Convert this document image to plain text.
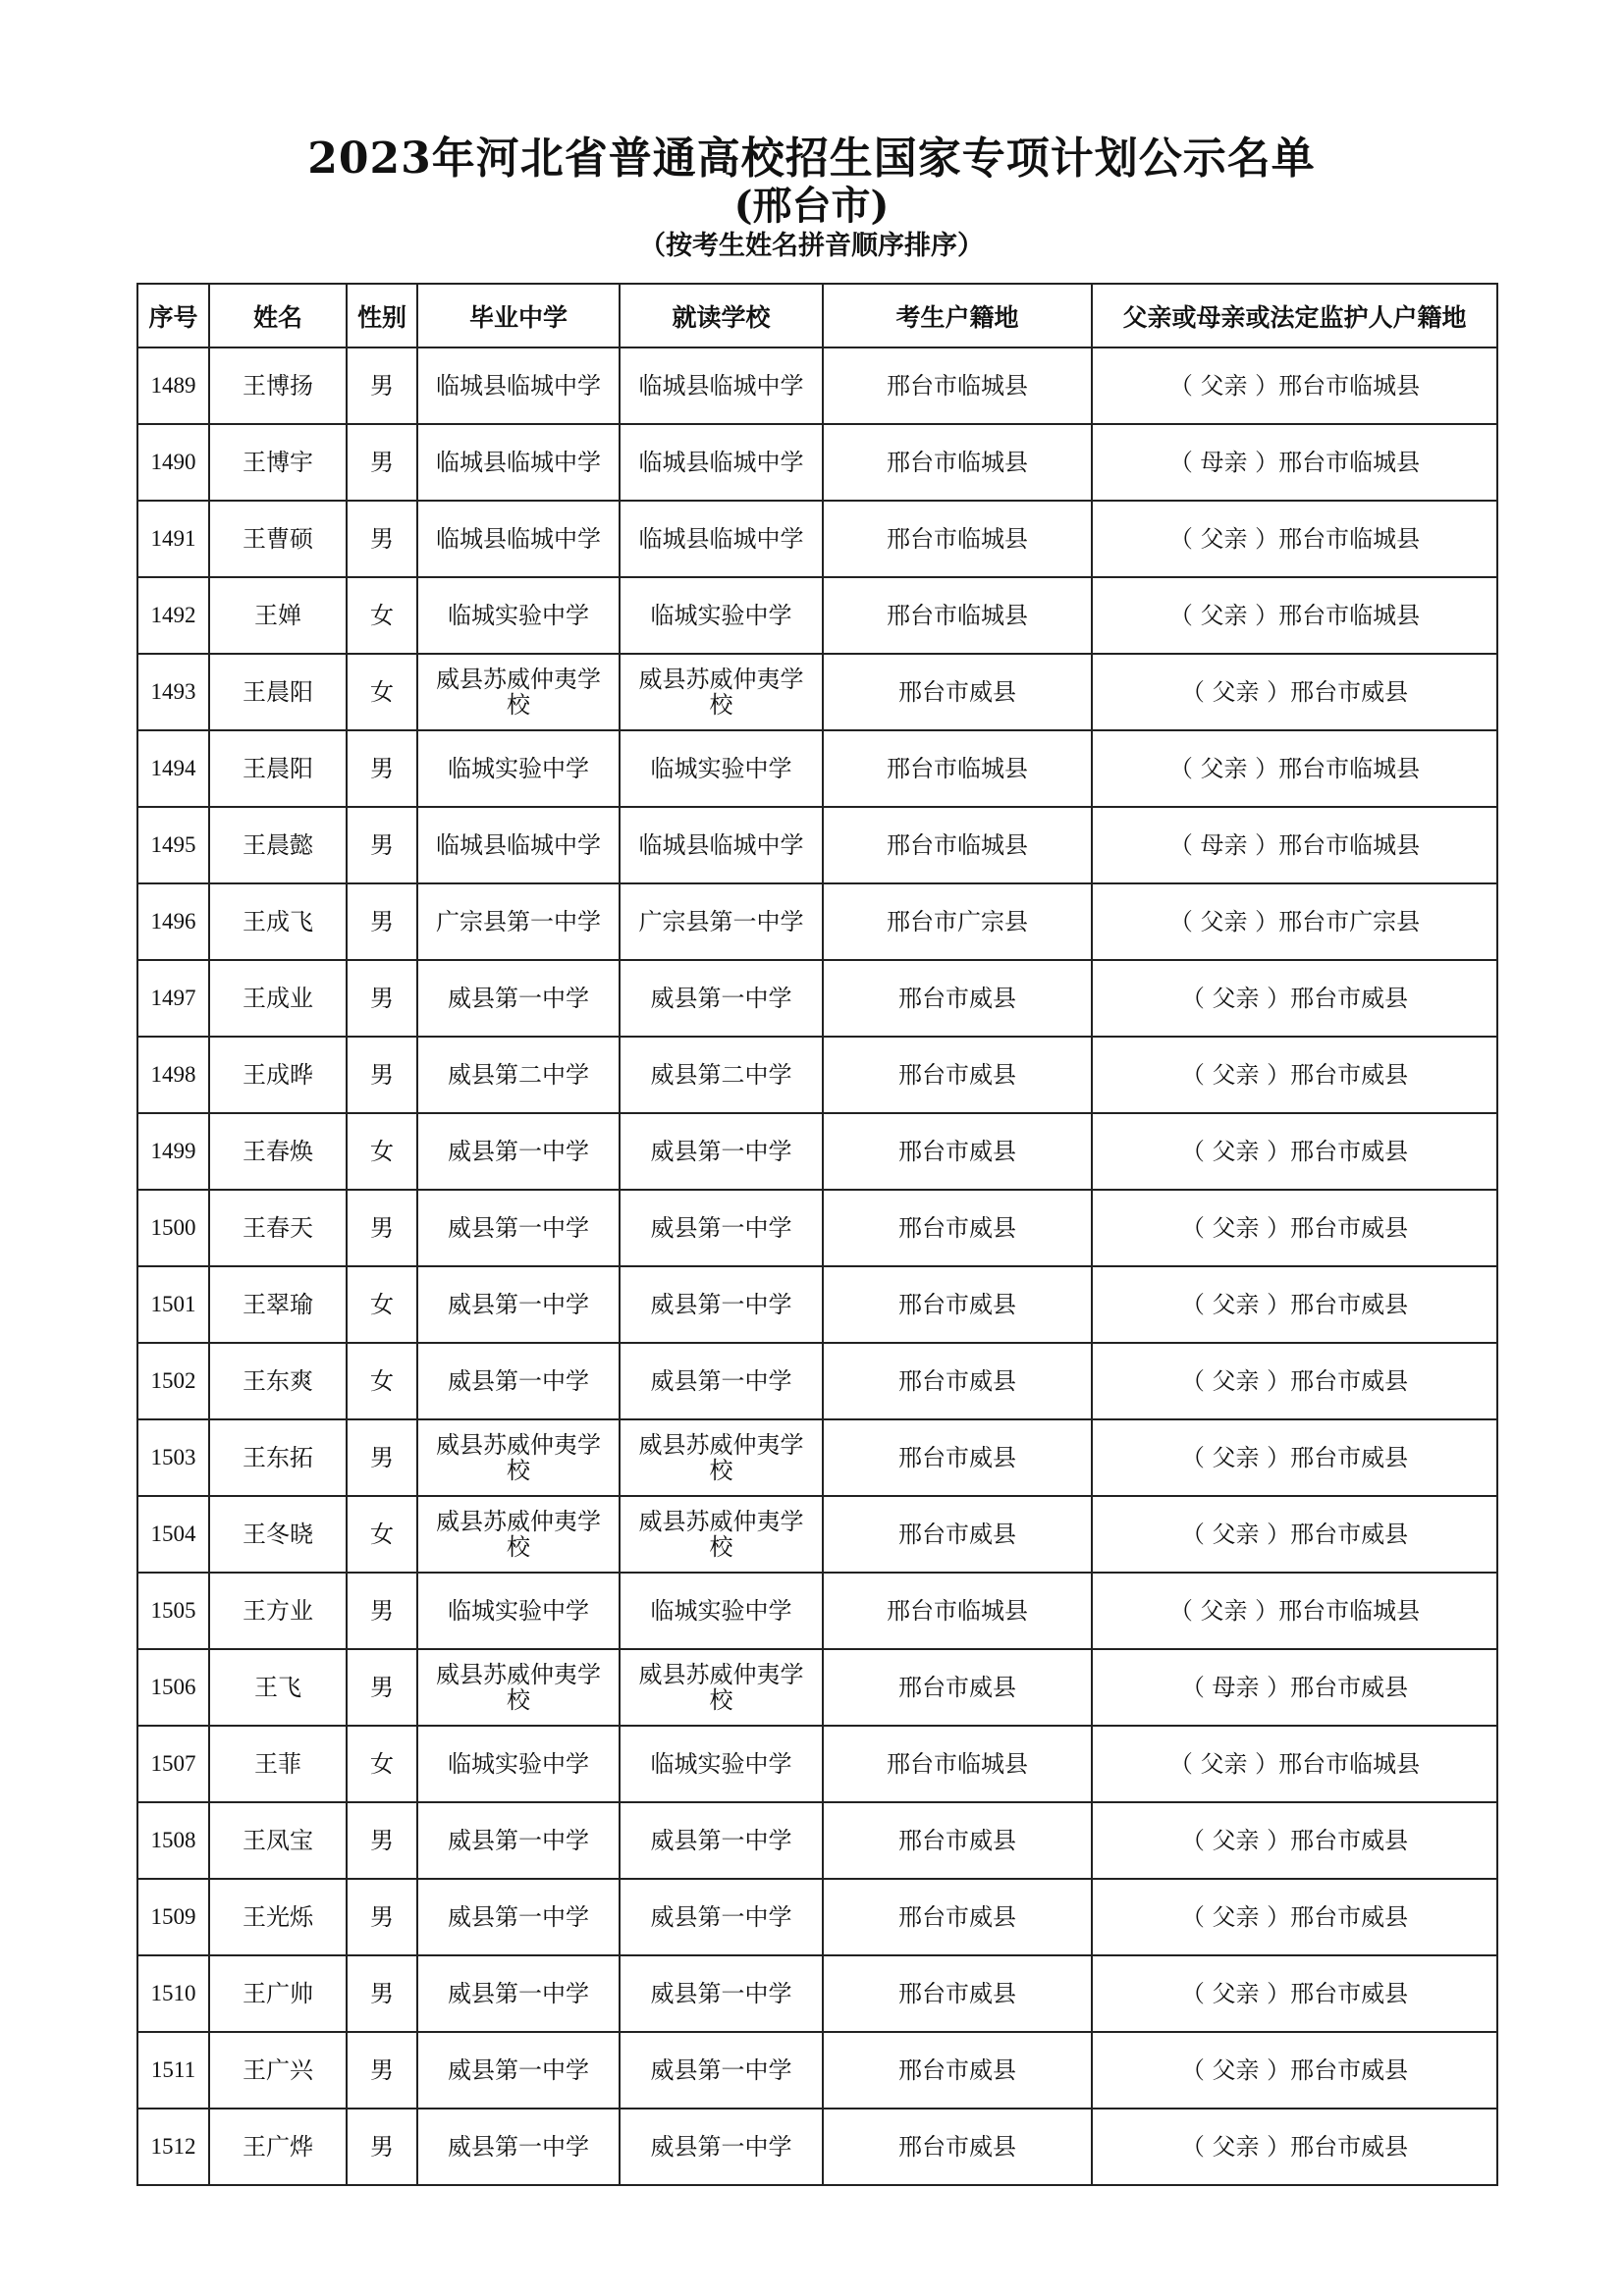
2023年河北省普通高校招生国家专项计划公示名单
(邢台市)
（按考生姓名拼音顺序排序）
序号	姓名	性别	毕业中学	就读学校	考生户籍地	父亲或母亲或法定监护人户籍地
1489	王博扬	男	临城县临城中学	临城县临城中学	邢台市临城县	（ 父亲 ）邢台市临城县
1490	王博宇	男	临城县临城中学	临城县临城中学	邢台市临城县	（ 母亲 ）邢台市临城县
1491	王曹硕	男	临城县临城中学	临城县临城中学	邢台市临城县	（ 父亲 ）邢台市临城县
1492	王婵	女	临城实验中学	临城实验中学	邢台市临城县	（ 父亲 ）邢台市临城县
1493	王晨阳	女	威县苏威仲夷学校	威县苏威仲夷学校	邢台市威县	（ 父亲 ）邢台市威县
1494	王晨阳	男	临城实验中学	临城实验中学	邢台市临城县	（ 父亲 ）邢台市临城县
1495	王晨懿	男	临城县临城中学	临城县临城中学	邢台市临城县	（ 母亲 ）邢台市临城县
1496	王成飞	男	广宗县第一中学	广宗县第一中学	邢台市广宗县	（ 父亲 ）邢台市广宗县
1497	王成业	男	威县第一中学	威县第一中学	邢台市威县	（ 父亲 ）邢台市威县
1498	王成晔	男	威县第二中学	威县第二中学	邢台市威县	（ 父亲 ）邢台市威县
1499	王春焕	女	威县第一中学	威县第一中学	邢台市威县	（ 父亲 ）邢台市威县
1500	王春天	男	威县第一中学	威县第一中学	邢台市威县	（ 父亲 ）邢台市威县
1501	王翠瑜	女	威县第一中学	威县第一中学	邢台市威县	（ 父亲 ）邢台市威县
1502	王东爽	女	威县第一中学	威县第一中学	邢台市威县	（ 父亲 ）邢台市威县
1503	王东拓	男	威县苏威仲夷学校	威县苏威仲夷学校	邢台市威县	（ 父亲 ）邢台市威县
1504	王冬晓	女	威县苏威仲夷学校	威县苏威仲夷学校	邢台市威县	（ 父亲 ）邢台市威县
1505	王方业	男	临城实验中学	临城实验中学	邢台市临城县	（ 父亲 ）邢台市临城县
1506	王飞	男	威县苏威仲夷学校	威县苏威仲夷学校	邢台市威县	（ 母亲 ）邢台市威县
1507	王菲	女	临城实验中学	临城实验中学	邢台市临城县	（ 父亲 ）邢台市临城县
1508	王凤宝	男	威县第一中学	威县第一中学	邢台市威县	（ 父亲 ）邢台市威县
1509	王光烁	男	威县第一中学	威县第一中学	邢台市威县	（ 父亲 ）邢台市威县
1510	王广帅	男	威县第一中学	威县第一中学	邢台市威县	（ 父亲 ）邢台市威县
1511	王广兴	男	威县第一中学	威县第一中学	邢台市威县	（ 父亲 ）邢台市威县
1512	王广烨	男	威县第一中学	威县第一中学	邢台市威县	（ 父亲 ）邢台市威县
